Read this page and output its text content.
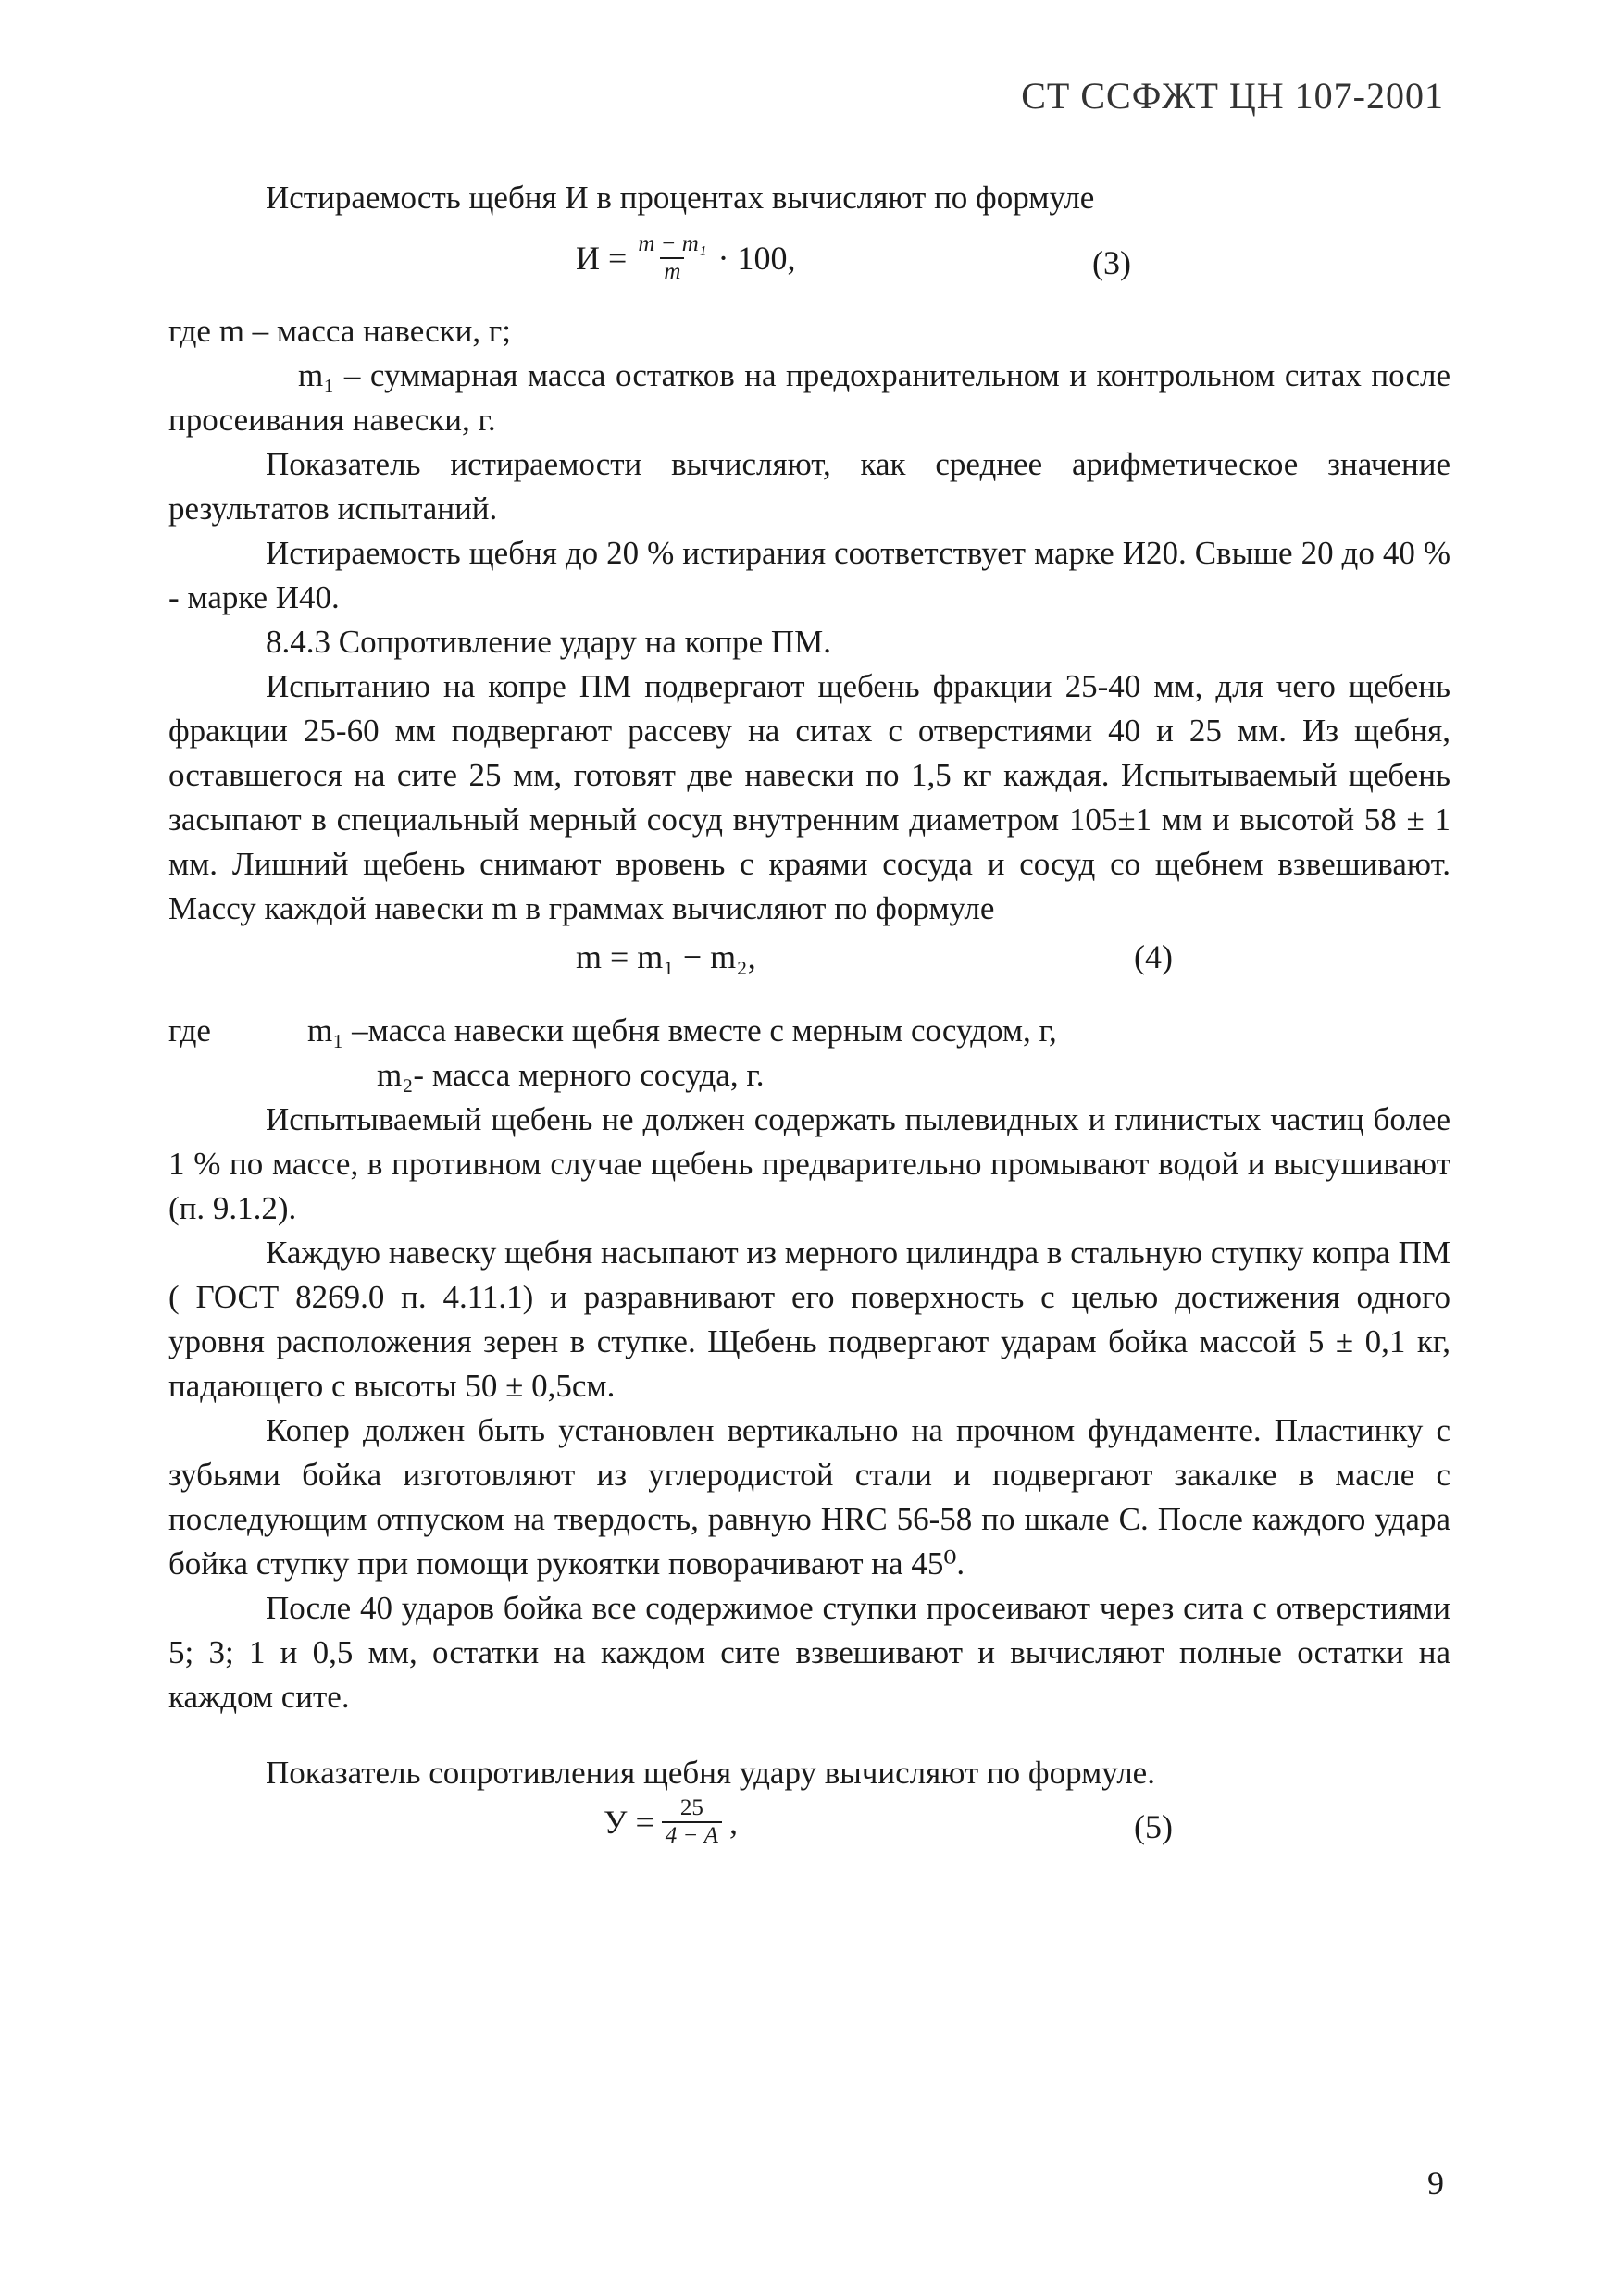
СТ ССФЖТ ЦН 107-2001

Истираемость щебня И в процентах вычисляют по формуле

$И = \frac{\text{m − m₁}}{m} \cdot 100$,	(3)

где m – масса навески, г;

m₁ – суммарная масса остатков на предохранительном и контрольном ситах после просеивания навески, г.

Показатель истираемости вычисляют, как среднее арифметическое значение результатов испытаний.

Истираемость щебня до 20 % истирания соответствует марке И20. Свыше 20 до 40 % - марке И40.

8.4.3 Сопротивление удару на копре ПМ.

Испытанию на копре ПМ подвергают щебень фракции 25-40 мм, для чего щебень фракции 25-60 мм подвергают рассеву на ситах с отверстиями 40 и 25 мм. Из щебня, оставшегося на сите 25 мм, готовят две навески по 1,5 кг каждая. Испытываемый щебень засыпают в специальный мерный сосуд внутренним диаметром 105±1 мм и высотой 58 ± 1 мм. Лишний щебень снимают вровень с краями сосуда и сосуд со щебнем взвешивают. Массу каждой навески m в граммах вычисляют по формуле

m = m₁ − m₂,	(4)
где	m₁ –масса навески щебня вместе с мерным сосудом, г,

m₂- масса мерного сосуда, г.

Испытываемый щебень не должен содержать пылевидных и глинистых частиц более 1 % по массе, в противном случае щебень предварительно промывают водой и высушивают (п. 9.1.2).

Каждую навеску щебня насыпают из мерного цилиндра в стальную ступку копра ПМ ( ГОСТ 8269.0 п. 4.11.1) и разравнивают его поверхность с целью достижения одного уровня расположения зерен в ступке. Щебень подвергают ударам бойка массой 5 ± 0,1 кг, падающего с высоты 50 ± 0,5см.

Копер должен быть установлен вертикально на прочном фундаменте. Пластинку с зубьями бойка изготовляют из углеродистой стали и подвергают закалке в масле с последующим отпуском на твердость, равную HRC 56-58 по шкале С. После каждого удара бойка ступку при помощи рукоятки поворачивают на 45⁰.

После 40 ударов бойка все содержимое ступки просеивают через сита с отверстиями 5; 3; 1 и 0,5 мм, остатки на каждом сите взвешивают и вычисляют полные остатки на каждом сите.

Показатель сопротивления щебня удару вычисляют по формуле.

$У = \frac{25}{4 - А}$ ,	(5)
9
